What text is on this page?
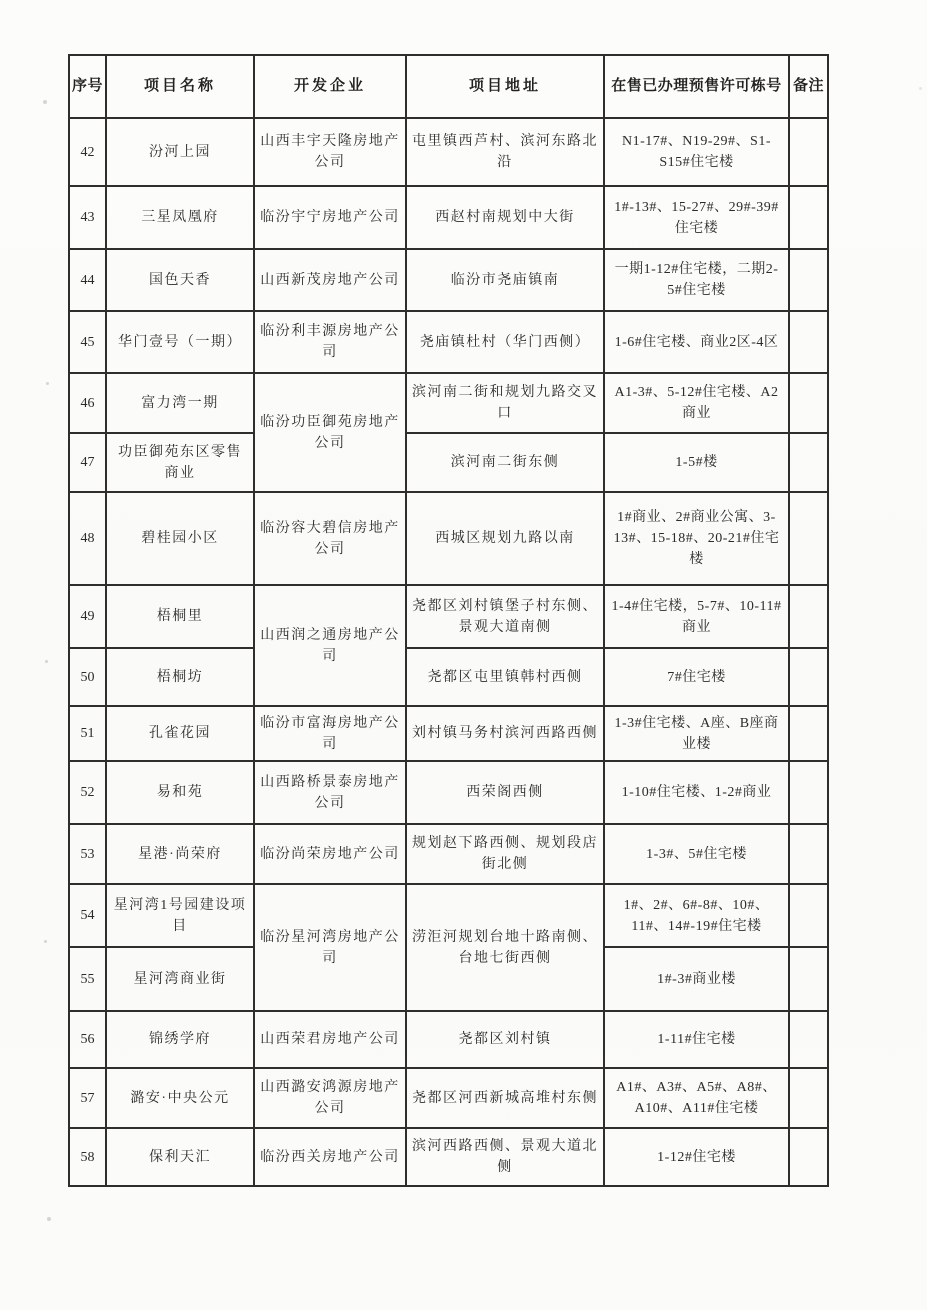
序号	项目名称	开发企业	项目地址	在售已办理预售许可栋号	备注
42	汾河上园	山西丰宇天隆房地产公司	屯里镇西芦村、滨河东路北沿	N1-17#、N19-29#、S1-S15#住宅楼	
43	三星凤凰府	临汾宇宁房地产公司	西赵村南规划中大街	1#-13#、15-27#、29#-39#住宅楼	
44	国色天香	山西新茂房地产公司	临汾市尧庙镇南	一期1-12#住宅楼，二期2-5#住宅楼	
45	华门壹号（一期）	临汾利丰源房地产公司	尧庙镇杜村（华门西侧）	1-6#住宅楼、商业2区-4区	
46	富力湾一期	临汾功臣御苑房地产公司	滨河南二街和规划九路交叉口	A1-3#、5-12#住宅楼、A2商业	
47	功臣御苑东区零售商业		滨河南二街东侧	1-5#楼	
48	碧桂园小区	临汾容大碧信房地产公司	西城区规划九路以南	1#商业、2#商业公寓、3-13#、15-18#、20-21#住宅楼	
49	梧桐里	山西润之通房地产公司	尧都区刘村镇堡子村东侧、景观大道南侧	1-4#住宅楼，5-7#、10-11#商业	
50	梧桐坊		尧都区屯里镇韩村西侧	7#住宅楼	
51	孔雀花园	临汾市富海房地产公司	刘村镇马务村滨河西路西侧	1-3#住宅楼、A座、B座商业楼	
52	易和苑	山西路桥景泰房地产公司	西荣阁西侧	1-10#住宅楼、1-2#商业	
53	星港·尚荣府	临汾尚荣房地产公司	规划赵下路西侧、规划段店街北侧	1-3#、5#住宅楼	
54	星河湾1号园建设项目	临汾星河湾房地产公司	涝洰河规划台地十路南侧、台地七街西侧	1#、2#、6#-8#、10#、11#、14#-19#住宅楼	
55	星河湾商业街			1#-3#商业楼	
56	锦绣学府	山西荣君房地产公司	尧都区刘村镇	1-11#住宅楼	
57	潞安·中央公元	山西潞安鸿源房地产公司	尧都区河西新城高堆村东侧	A1#、A3#、A5#、A8#、A10#、A11#住宅楼	
58	保利天汇	临汾西关房地产公司	滨河西路西侧、景观大道北侧	1-12#住宅楼	
